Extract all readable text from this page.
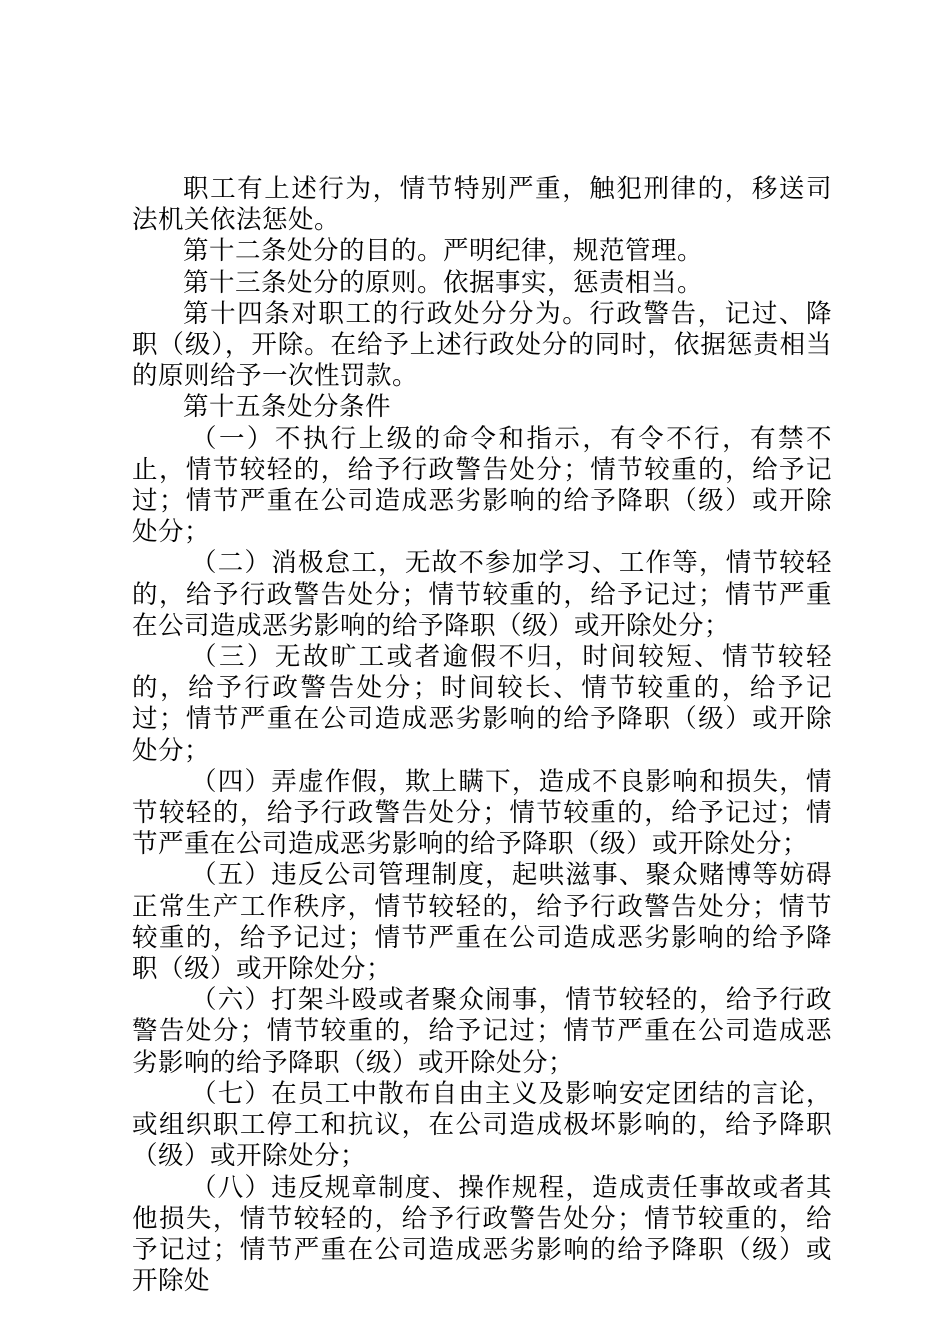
职工有上述行为，情节特别严重，触犯刑律的，移送司法机关依法惩处。

第十二条处分的目的。严明纪律，规范管理。

第十三条处分的原则。依据事实，惩责相当。

第十四条对职工的行政处分分为。行政警告，记过、降职（级），开除。在给予上述行政处分的同时，依据惩责相当的原则给予一次性罚款。

第十五条处分条件

（一）不执行上级的命令和指示，有令不行，有禁不止，情节较轻的，给予行政警告处分；情节较重的，给予记过；情节严重在公司造成恶劣影响的给予降职（级）或开除处分；

（二）消极怠工，无故不参加学习、工作等，情节较轻的，给予行政警告处分；情节较重的，给予记过；情节严重在公司造成恶劣影响的给予降职（级）或开除处分；

（三）无故旷工或者逾假不归，时间较短、情节较轻的，给予行政警告处分；时间较长、情节较重的，给予记过；情节严重在公司造成恶劣影响的给予降职（级）或开除处分；

（四）弄虚作假，欺上瞒下，造成不良影响和损失，情节较轻的，给予行政警告处分；情节较重的，给予记过；情节严重在公司造成恶劣影响的给予降职（级）或开除处分；

（五）违反公司管理制度，起哄滋事、聚众赌博等妨碍正常生产工作秩序，情节较轻的，给予行政警告处分；情节较重的，给予记过；情节严重在公司造成恶劣影响的给予降职（级）或开除处分；

（六）打架斗殴或者聚众闹事，情节较轻的，给予行政警告处分；情节较重的，给予记过；情节严重在公司造成恶劣影响的给予降职（级）或开除处分；

（七）在员工中散布自由主义及影响安定团结的言论，或组织职工停工和抗议，在公司造成极坏影响的，给予降职（级）或开除处分；

（八）违反规章制度、操作规程，造成责任事故或者其他损失，情节较轻的，给予行政警告处分；情节较重的，给予记过；情节严重在公司造成恶劣影响的给予降职（级）或开除处
